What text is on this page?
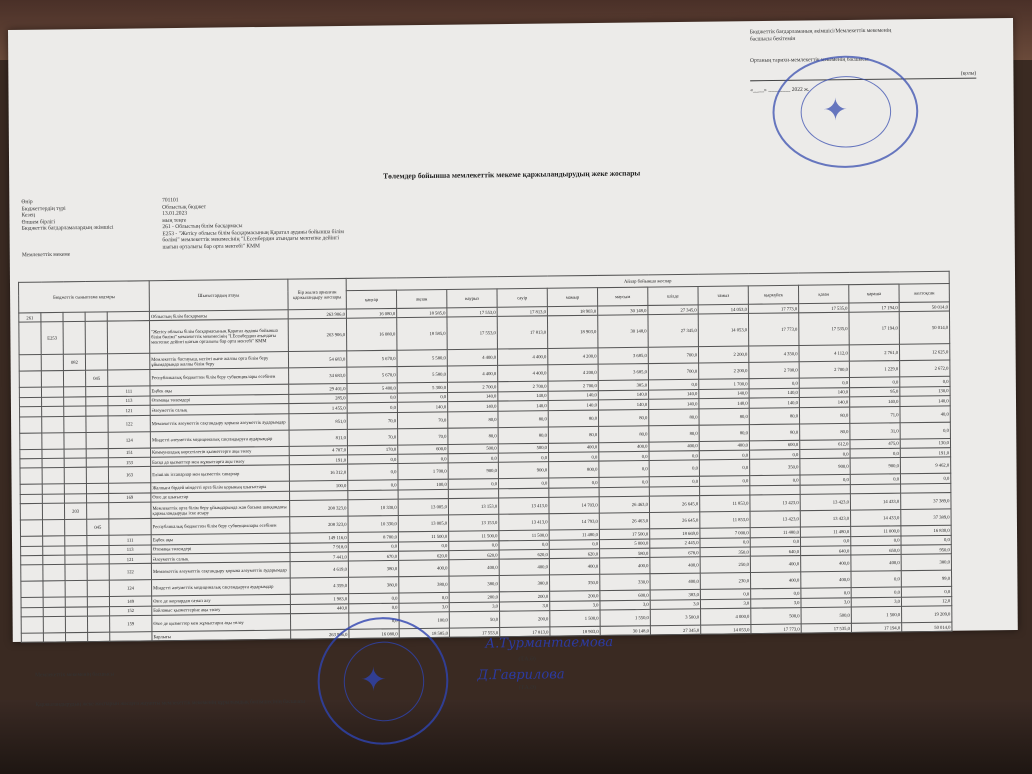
Бюджеттік бағдарламаның әкімшісі/Мемлекеттік мекеменің
басшысы бекітемін
Ортаның тарихи-мемлекеттік мекеменің басшысы
(қолы)
«____» ________ 2022 ж.
✦
Төлемдер бойынша мемлекеттік мекеме қаржыландырудың жеке жоспары
Өнір	701101
Бюджеттердің түрі	Облыстық бюджет
Кезең	13.01.2023
Өлшем бірлігі	мың теңге
Бюджеттік бағдарламалардың әкімшісі	261 - Облыстың білім басқармасы
Е253 - "Жетісу облысы білім басқармасының Қаратал ауданы бойынша білім бөлімі" мемлекеттік мекемесінің "I.Есенбердин атындағы мектепке дейінгі шағын орталығы бар орта мектебі" КММ
Мемлекеттік мекеме
Бюджеттік сыныптама кодтары					Шығыстардың атауы	Бір жылға арналған қаржыландыру жоспары	Айлар бойынша жоспар											
							қаңтар	ақпан	наурыз	сәуір	мамыр	маусым	шілде	тамыз	қыркүйек	қазан	қараша	желтоқсан
261					Облыстың білім басқармасы	263 906,0	16 080,0	18 585,0	17 553,0	17 813,0	18 903,0	30 148,0	27 345,0	14 053,0	17 773,0	17 535,0	17 194,0	50 014,0
	Е253				"Жетісу облысы білім басқармасының Қаратал ауданы бойынша білім бөлімі" мемлекеттік мекемесінің "I.Есенбердин атындағы мектепке дейінгі шағын орталығы бар орта мектебі" КММ	263 906,0	16 080,0	18 585,0	17 553,0	17 813,0	18 903,0	30 148,0	27 345,0	14 053,0	17 773,0	17 535,0	17 194,0	50 014,0
		082			Мемлекеттік бастауыш, негізгі және жалпы орта білім беру ұйымдарында жалпы білім беру	54 683,0	5 670,0	5 580,0	4 400,0	4 400,0	4 200,0	3 685,0	700,0	2 200,0	4 350,0	4 112,0	2 761,0	12 625,0
			045		Республикалық бюджеттен білім беру субвенциялары есебінен	34 683,0	5 670,0	5 580,0	4 400,0	4 400,0	4 200,0	3 685,0	700,0	2 200,0	2 700,0	2 700,0	1 229,0	2 672,0
				111	Еңбек ақы	29 401,0	5 400,0	5 300,0	2 700,0	2 700,0	2 700,0	385,0	0,0	1 700,0	0,0	0,0	0,0	0,0
				113	Өтемақы төлемдері	285,0	0,0	0,0	140,0	140,0	140,0	140,0	140,0	140,0	140,0	140,0	95,0	130,0
				121	Әлеуметтік салық	1 455,0	0,0	140,0	140,0	140,0	140,0	140,0	140,0	140,0	140,0	140,0	140,0	140,0
				122	Мемлекеттік әлеуметтік сақтандыру қорына әлеуметтік аударымдар	851,0	70,0	70,0	80,0	80,0	80,0	80,0	80,0	80,0	80,0	80,0	71,0	40,0
				124	Міндетті әлеуметтік медициналық сақтандыруға аударымдар	811,0	70,0	70,0	80,0	80,0	80,0	80,0	80,0	80,0	80,0	80,0	31,0	0,0
				151	Коммуналдық көрсетілетін қызметтерге ақы төлеу	4 787,0	170,0	600,0	500,0	500,0	400,0	400,0	400,0	400,0	600,0	612,0	475,0	130,0
				153	Басқа да қызметтер мен жұмыстарға ақы төлеу	191,0	0,0	0,0	0,0	0,0	0,0	0,0	0,0	0,0	0,0	0,0	0,0	191,0
				163	Елішілік іссапарлар мен қызметтік сапарлар	16 312,0	0,0	1 700,0	900,0	900,0	800,0	0,0	0,0	0,0	350,0	900,0	900,0	9 462,0
					Жалпыға бірдей міндетті орта білім қорының шығыстары	100,0	0,0	100,0	0,0	0,0	0,0	0,0	0,0	0,0	0,0	0,0	0,0	0,0
				169	Өзге де шығыстар													
		203			Мемлекеттік орта білім беру ұйымдарында жан басына шаққандағы қаржыландыруды іске асыру	208 323,0	10 330,0	13 005,0	13 153,0	13 413,0	14 703,0	26 463,0	26 645,0	11 853,0	13 423,0	13 423,0	14 433,0	37 389,0
			045		Республикалық бюджеттен білім беру субвенциялары есебінен	208 323,0	10 330,0	13 005,0	13 153,0	13 413,0	14 793,0	26 463,0	26 645,0	11 853,0	13 423,0	13 423,0	14 433,0	37 389,0
				111	Еңбек ақы	149 116,0	8 700,0	11 500,0	11 500,0	11 500,0	11 480,0	17 500,0	18 669,0	7 000,0	11 480,0	11 480,0	11 000,0	16 830,0
				113	Өтемақы төлемдері	7 918,0	0,0	0,0	0,0	0,0	0,0	5 000,0	2 445,0	0,0	0,0	0,0	0,0	0,0
				121	Әлеуметтік салық	7 441,0	670,0	620,0	620,0	620,0	620,0	580,0	678,0	350,0	640,0	640,0	650,0	950,0
				122	Мемлекеттік әлеуметтік сақтандыру қорына әлеуметтік аударымдар	4 619,0	380,0	400,0	400,0	400,0	400,0	400,0	400,0	250,0	400,0	400,0	400,0	380,0
				124	Міндетті әлеуметтік медициналық сақтандыруға аударымдар	4 359,0	380,0	380,0	380,0	380,0	350,0	330,0	400,0	230,0	400,0	400,0	0,0	99,0
				149	Өзге де жорлардан сатып алу	1 983,0	0,0	0,0	200,0	200,0	200,0	600,0	383,0	0,0	0,0	0,0	0,0	0,0
				152	Байланыс қызметтеріне ақы төлеу	440,0	0,0	3,0	3,0	3,0	3,0	3,0	3,0	3,0	3,0	3,0	3,0	12,0
				159	Өзге де қызметтер мен жұмыстарға ақы төлеу		0,0	100,0	50,0	200,0	1 500,0	1 550,0	3 500,0	4 000,0	500,0	500,0	1 500,0	19 209,0
					Барлығы	263 906,0	16 080,0	18 585,0	17 553,0	17 813,0	18 903,0	30 148,0	27 345,0	14 053,0	17 773,0	17 535,0	17 194,0	50 014,0
Мемлекеттік мекеменің басшысы
Қаржыландырудың жеке жоспарын жасауға жауапты мемлекеттік мекеменің құрылымдық бөлімшесінің басшысы
✦
А.Турмантаемова
(Т.А.Ә)
Д.Гаврилова
(Т.А.Ә)
